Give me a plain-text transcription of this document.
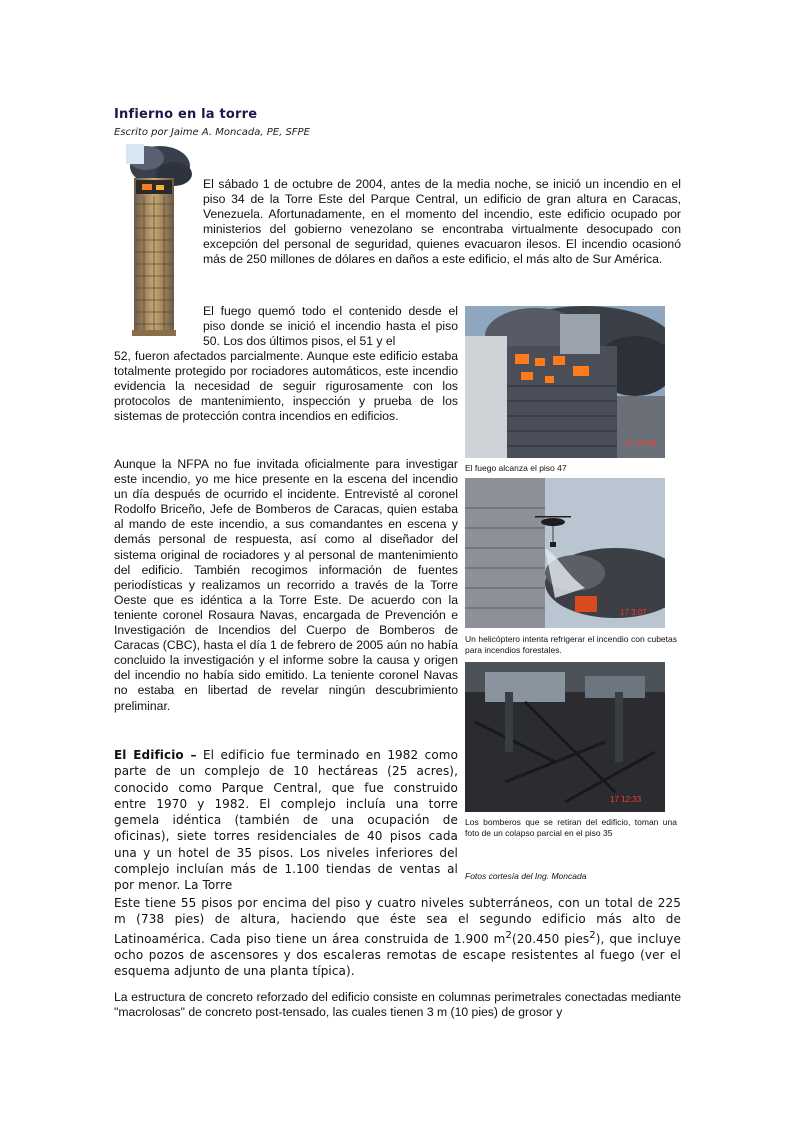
Infierno en la torre
Escrito por Jaime A. Moncada, PE, SFPE

El sábado 1 de octubre de 2004, antes de la media noche, se inició un incendio en el piso 34 de la Torre Este del Parque Central, un edificio de gran altura en Caracas, Venezuela. Afortunadamente, en el momento del incendio, este edificio ocupado por ministerios del gobierno venezolano se encontraba virtualmente desocupado con excepción del personal de seguridad, quienes evacuaron ilesos. El incendio ocasionó más de 250 millones de dólares en daños a este edificio, el más alto de Sur América.

El fuego quemó todo el contenido desde el piso donde se inició el incendio hasta el piso 50. Los dos últimos pisos, el 51 y el

52, fueron afectados parcialmente. Aunque este edificio estaba totalmente protegido por rociadores automáticos, este incendio evidencia la necesidad de seguir rigurosamente con los protocolos de mantenimiento, inspección y prueba de los sistemas de protección contra incendios en edificios.

Aunque la NFPA no fue invitada oficialmente para investigar este incendio, yo me hice presente en la escena del incendio un día después de ocurrido el incidente. Entrevisté al coronel Rodolfo Briceño, Jefe de Bomberos de Caracas, quien estaba al mando de este incendio, a sus comandantes en escena y demás personal de respuesta, así como al diseñador del sistema original de rociadores y al personal de mantenimiento del edificio. También recogimos información de fuentes periodísticas y realizamos un recorrido a través de la Torre Oeste que es idéntica a la Torre Este. De acuerdo con la teniente coronel Rosaura Navas, encargada de Prevención e Investigación de Incendios del Cuerpo de Bomberos de Caracas (CBC), hasta el día 1 de febrero de 2005 aún no había concluido la investigación y el informe sobre la causa y origen del incendio no había sido emitido. La teniente coronel Navas no estaba en libertad de revelar ningún descubrimiento preliminar.

El Edificio – El edificio fue terminado en 1982 como parte de un complejo de 10 hectáreas (25 acres), conocido como Parque Central, que fue construido entre 1970 y 1982. El complejo incluía una torre gemela idéntica (también de una ocupación de oficinas), siete torres residenciales de 40 pisos cada una y un hotel de 35 pisos. Los niveles inferiores del complejo incluían más de 1.100 tiendas de ventas al por menor. La Torre

Este tiene 55 pisos por encima del piso y cuatro niveles subterráneos, con un total de 225 m (738 pies) de altura, haciendo que éste sea el segundo edificio más alto de Latinoamérica. Cada piso tiene un área construida de 1.900 $m^2(20.450$ pies$^2$), que incluye ocho pozos de ascensores y dos escaleras remotas de escape resistentes al fuego (ver el esquema adjunto de una planta típica).

La estructura de concreto reforzado del edificio consiste en columnas perimetrales conectadas mediante "macrolosas" de concreto post-tensado, las cuales tienen 3 m (10 pies) de grosor y

17 15:08

El fuego alcanza el piso 47

17 3:07

Un helicóptero intenta refrigerar el incendio con cubetas para incendios forestales.

17 12:33

Los bomberos que se retiran del edificio, toman una foto de un colapso parcial en el piso 35

Fotos cortesía del Ing. Moncada
